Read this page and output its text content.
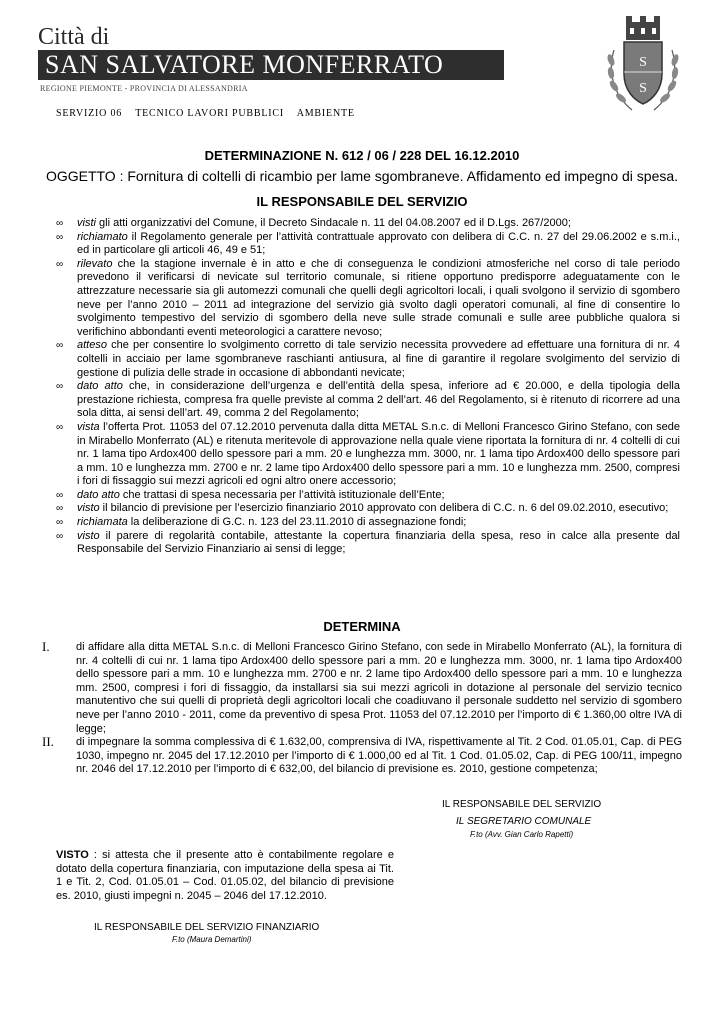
Città di
SAN SALVATORE MONFERRATO
REGIONE PIEMONTE - PROVINCIA DI ALESSANDRIA
SERVIZIO 06 TECNICO LAVORI PUBBLICI AMBIENTE
S
S
DETERMINAZIONE N. 612 / 06 / 228 DEL 16.12.2010
OGGETTO : Fornitura di coltelli di ricambio per lame sgombraneve. Affidamento ed impegno di spesa.
IL RESPONSABILE DEL SERVIZIO
∞ visti gli atti organizzativi del Comune, il Decreto Sindacale n. 11 del 04.08.2007 ed il D.Lgs. 267/2000;
∞ richiamato il Regolamento generale per l’attività contrattuale approvato con delibera di C.C. n. 27 del 29.06.2002 e s.m.i., ed in particolare gli articoli 46, 49 e 51;
∞ rilevato che la stagione invernale è in atto e che di conseguenza le condizioni atmosferiche nel corso di tale periodo prevedono il verificarsi di nevicate sul territorio comunale, si ritiene opportuno predisporre adeguatamente con le attrezzature necessarie sia gli automezzi comunali che quelli degli agricoltori locali, i quali svolgono il servizio di sgombero neve per l’anno 2010 – 2011 ad integrazione del servizio già svolto dagli operatori comunali, al fine di consentire lo svolgimento tempestivo del servizio di sgombero della neve sulle strade comunali e sulle aree pubbliche qualora si verifichino abbondanti eventi meteorologici a carattere nevoso;
∞ atteso che per consentire lo svolgimento corretto di tale servizio necessita provvedere ad effettuare una fornitura di nr. 4 coltelli in acciaio per lame sgombraneve raschianti antiusura, al fine di garantire il regolare svolgimento del servizio di gestione di pulizia delle strade in occasione di abbondanti nevicate;
∞ dato atto che, in considerazione dell’urgenza e dell’entità della spesa, inferiore ad € 20.000, e della tipologia della prestazione richiesta, compresa fra quelle previste al comma 2 dell’art. 46 del Regolamento, si è ritenuto di ricorrere ad una sola ditta, ai sensi dell’art. 49, comma 2 del Regolamento;
∞ vista l’offerta Prot. 11053 del 07.12.2010 pervenuta dalla ditta METAL S.n.c. di Melloni Francesco Girino Stefano, con sede in Mirabello Monferrato (AL) e ritenuta meritevole di approvazione nella quale viene riportata la fornitura di nr. 4 coltelli di cui nr. 1 lama tipo Ardox400 dello spessore pari a mm. 20 e lunghezza mm. 3000, nr. 1 lama tipo Ardox400 dello spessore pari a mm. 10 e lunghezza mm. 2700 e nr. 2 lame tipo Ardox400 dello spessore pari a mm. 10 e lunghezza mm. 2500, compresi i fori di fissaggio sui mezzi agricoli ed ogni altro onere accessorio;
∞ dato atto che trattasi di spesa necessaria per l’attività istituzionale dell’Ente;
∞ visto il bilancio di previsione per l’esercizio finanziario 2010 approvato con delibera di C.C. n. 6 del 09.02.2010, esecutivo;
∞ richiamata la deliberazione di G.C. n. 123 del 23.11.2010 di assegnazione fondi;
∞ visto il parere di regolarità contabile, attestante la copertura finanziaria della spesa, reso in calce alla presente dal Responsabile del Servizio Finanziario ai sensi di legge;
DETERMINA
I. di affidare alla ditta METAL S.n.c. di Melloni Francesco Girino Stefano, con sede in Mirabello Monferrato (AL), la fornitura di nr. 4 coltelli di cui nr. 1 lama tipo Ardox400 dello spessore pari a mm. 20 e lunghezza mm. 3000, nr. 1 lama tipo Ardox400 dello spessore pari a mm. 10 e lunghezza mm. 2700 e nr. 2 lame tipo Ardox400 dello spessore pari a mm. 10 e lunghezza mm. 2500, compresi i fori di fissaggio, da installarsi sia sui mezzi agricoli in dotazione al personale del servizio tecnico manutentivo che sui quelli di proprietà degli agricoltori locali che coadiuvano il personale suddetto nel servizio di sgombero neve per l’anno 2010 - 2011, come da preventivo di spesa Prot. 11053 del 07.12.2010 per l’importo di € 1.360,00 oltre IVA di legge;
II. di impegnare la somma complessiva di € 1.632,00, comprensiva di IVA, rispettivamente al Tit. 2 Cod. 01.05.01, Cap. di PEG 1030, impegno nr. 2045 del 17.12.2010 per l’importo di € 1.000,00 ed al Tit. 1 Cod. 01.05.02, Cap. di PEG 100/11, impegno nr. 2046 del 17.12.2010 per l’importo di € 632,00, del bilancio di previsione es. 2010, gestione competenza;
IL RESPONSABILE DEL SERVIZIO
IL SEGRETARIO COMUNALE
F.to (Avv. Gian Carlo Rapetti)
VISTO : si attesta che il presente atto è contabilmente regolare e dotato della copertura finanziaria, con imputazione della spesa ai Tit. 1 e Tit. 2, Cod. 01.05.01 – Cod. 01.05.02, del bilancio di previsione es. 2010, giusti impegni n. 2045 – 2046 del 17.12.2010.
IL RESPONSABILE DEL SERVIZIO FINANZIARIO
F.to (Maura Demartini)
